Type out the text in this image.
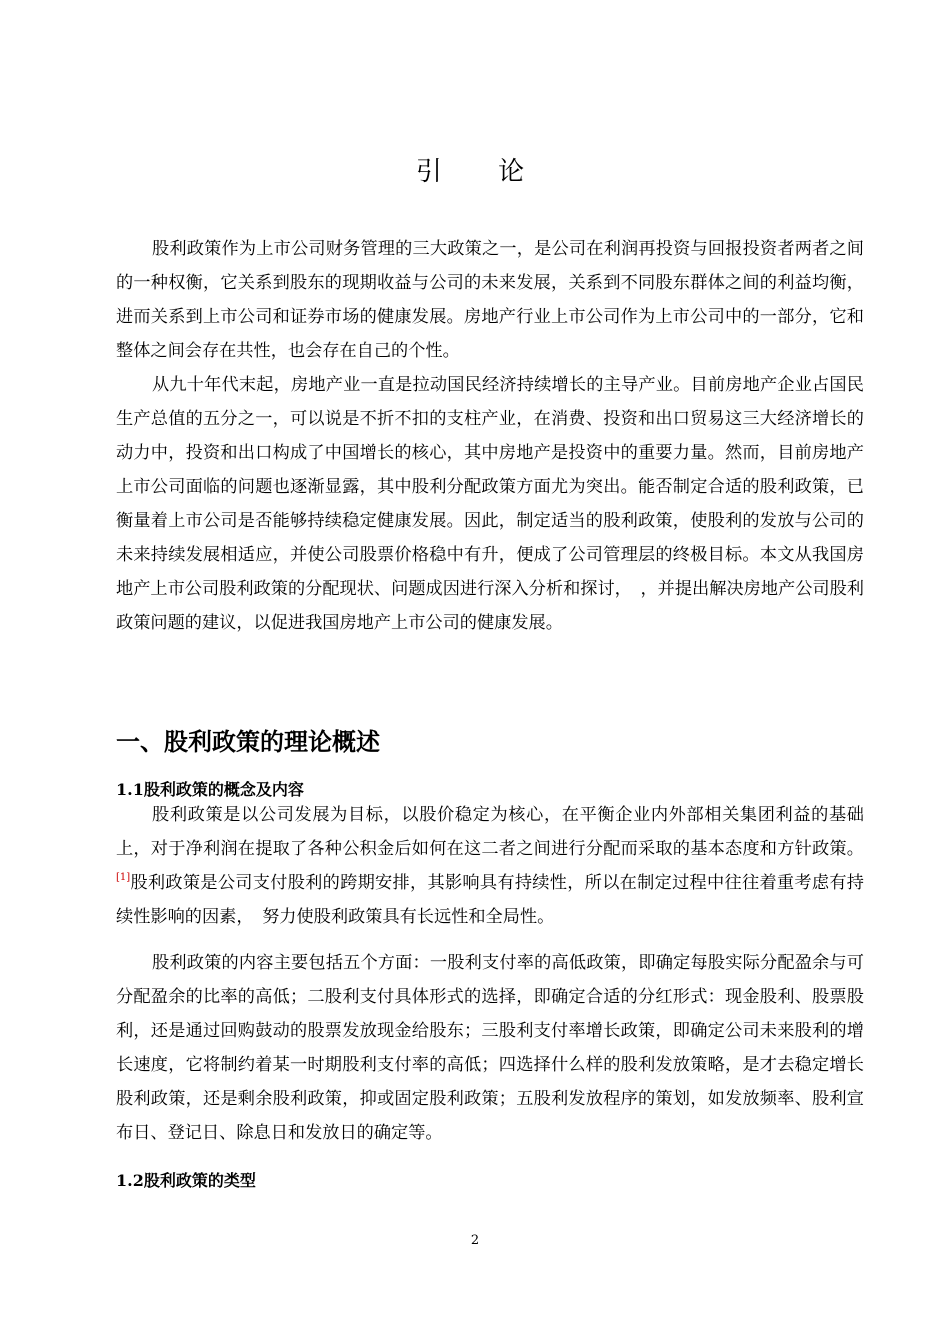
引 论

股利政策作为上市公司财务管理的三大政策之一，是公司在利润再投资与回报投资者两者之间的一种权衡，它关系到股东的现期收益与公司的未来发展，关系到不同股东群体之间的利益均衡，进而关系到上市公司和证券市场的健康发展。房地产行业上市公司作为上市公司中的一部分，它和整体之间会存在共性，也会存在自己的个性。

从九十年代末起，房地产业一直是拉动国民经济持续增长的主导产业。目前房地产企业占国民生产总值的五分之一，可以说是不折不扣的支柱产业，在消费、投资和出口贸易这三大经济增长的动力中，投资和出口构成了中国增长的核心，其中房地产是投资中的重要力量。然而，目前房地产上市公司面临的问题也逐渐显露，其中股利分配政策方面尤为突出。能否制定合适的股利政策，已衡量着上市公司是否能够持续稳定健康发展。因此，制定适当的股利政策，使股利的发放与公司的未来持续发展相适应，并使公司股票价格稳中有升，便成了公司管理层的终极目标。本文从我国房地产上市公司股利政策的分配现状、问题成因进行深入分析和探讨，　，并提出解决房地产公司股利政策问题的建议，以促进我国房地产上市公司的健康发展。

一、股利政策的理论概述
1.1股利政策的概念及内容

股利政策是以公司发展为目标，以股价稳定为核心，在平衡企业内外部相关集团利益的基础上，对于净利润在提取了各种公积金后如何在这二者之间进行分配而采取的基本态度和方针政策。[1]股利政策是公司支付股利的跨期安排，其影响具有持续性，所以在制定过程中往往着重考虑有持续性影响的因素，　努力使股利政策具有长远性和全局性。

股利政策的内容主要包括五个方面：一股利支付率的高低政策，即确定每股实际分配盈余与可分配盈余的比率的高低；二股利支付具体形式的选择，即确定合适的分红形式：现金股利、股票股利，还是通过回购鼓动的股票发放现金给股东；三股利支付率增长政策，即确定公司未来股利的增长速度，它将制约着某一时期股利支付率的高低；四选择什么样的股利发放策略，是才去稳定增长股利政策，还是剩余股利政策，抑或固定股利政策；五股利发放程序的策划，如发放频率、股利宣布日、登记日、除息日和发放日的确定等。

1.2股利政策的类型
2
